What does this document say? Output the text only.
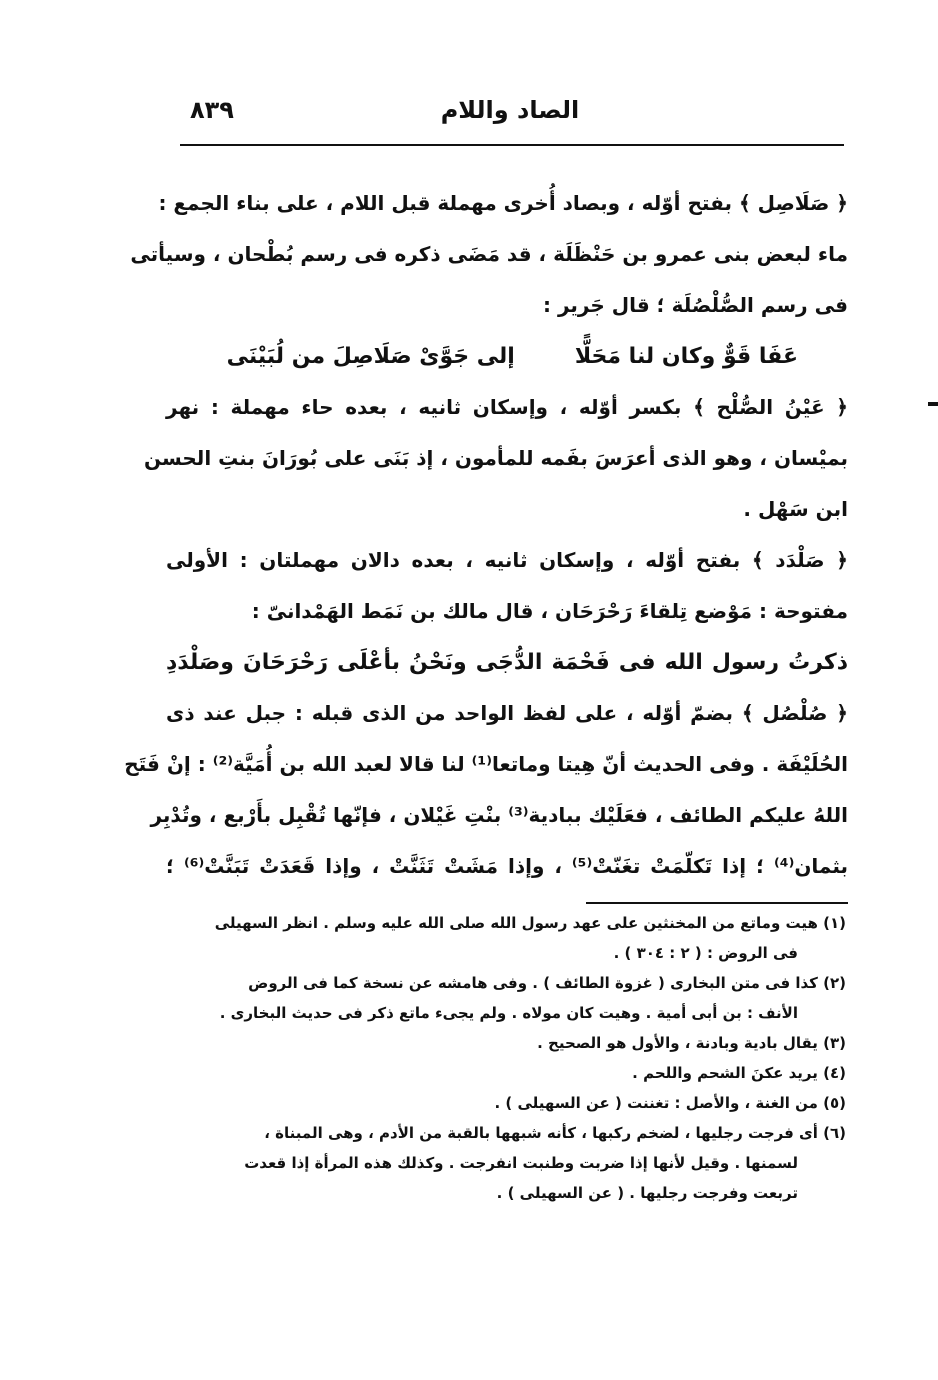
الصاد واللام
٨٣٩
﴿ صَلَاصِل ﴾ بفتح أوّله ، وبصاد أُخرى مهملة قبل اللام ، على بناء الجمع :
ماء لبعض بنى عمرو بن حَنْظَلَة ، قد مَضَى ذكره فى رسم بُطْحان ، وسيأتى
فى رسم الصُّلْصُلَة ؛ قال جَرير :
عَفَا قَوٌّ وكان لنا مَحَلًّاإلى جَوَّىْ صَلَاصِلَ من لُبَيْنَى
﴿ عَيْنُ الصُّلْح ﴾ بكسر أوّله ، وإسكان ثانيه ، بعده حاء مهملة : نهر
بميْسان ، وهو الذى أعرَسَ بفَمه للمأمون ، إذ بَنَى على بُورَانَ بنتِ الحسن
ابن سَهْل .
﴿ صَلْدَد ﴾ بفتح أوّله ، وإسكان ثانيه ، بعده دالان مهملتان : الأولى
مفتوحة : مَوْضع تِلقاءَ رَحْرَحَان ، قال مالك بن نَمَط الهَمْدانىّ :
ذكرتُ رسول الله فى فَحْمَة الدُّجَى ونَحْنُ بأعْلَى رَحْرَحَانَ وصَلْدَدِ
﴿ صُلْصُل ﴾ بضمّ أوّله ، على لفظ الواحد من الذى قبله : جبل عند ذى
الحُلَيْفَة . وفى الحديث أنّ هِيتا وماتعا⁽¹⁾ لنا قالا لعبد الله بن أُمَيَّة⁽²⁾ : إنْ فَتَح
اللهُ عليكم الطائف ، فعَلَيْك ببادية⁽³⁾ بنْتِ غَيْلان ، فإنّها تُقْبِل بأَرْبع ، وتُدْبِر
بثمان⁽⁴⁾ ؛ إذا تَكلّمَتْ تغَنّتْ⁽⁵⁾ ، وإذا مَشَتْ تَثَنَّتْ ، وإذا قَعَدَتْ تَبَنَّتْ⁽⁶⁾ ؛
(١) هيت وماتع من المخنثين على عهد رسول الله صلى الله عليه وسلم . انظر السهيلى
فى الروض : ( ٢ : ٣٠٤ ) .
(٢) كذا فى متن البخارى ( غزوة الطائف ) . وفى هامشه عن نسخة كما فى الروض
الأنف : بن أبى أمية . وهيت كان مولاه . ولم يجىء ماتع ذكر فى حديث البخارى .
(٣) يقال بادية وبادنة ، والأول هو الصحيح .
(٤) يريد عكنَ الشحم واللحم .
(٥) من الغنة ، والأصل : تغننت ( عن السهيلى ) .
(٦) أى فرجت رجليها ، لضخم ركبها ، كأنه شبهها بالقبة من الأدم ، وهى المبناة ،
لسمنها . وقيل لأنها إذا ضربت وطنبت انفرجت . وكذلك هذه المرأة إذا قعدت
تربعت وفرجت رجليها . ( عن السهيلى ) .
